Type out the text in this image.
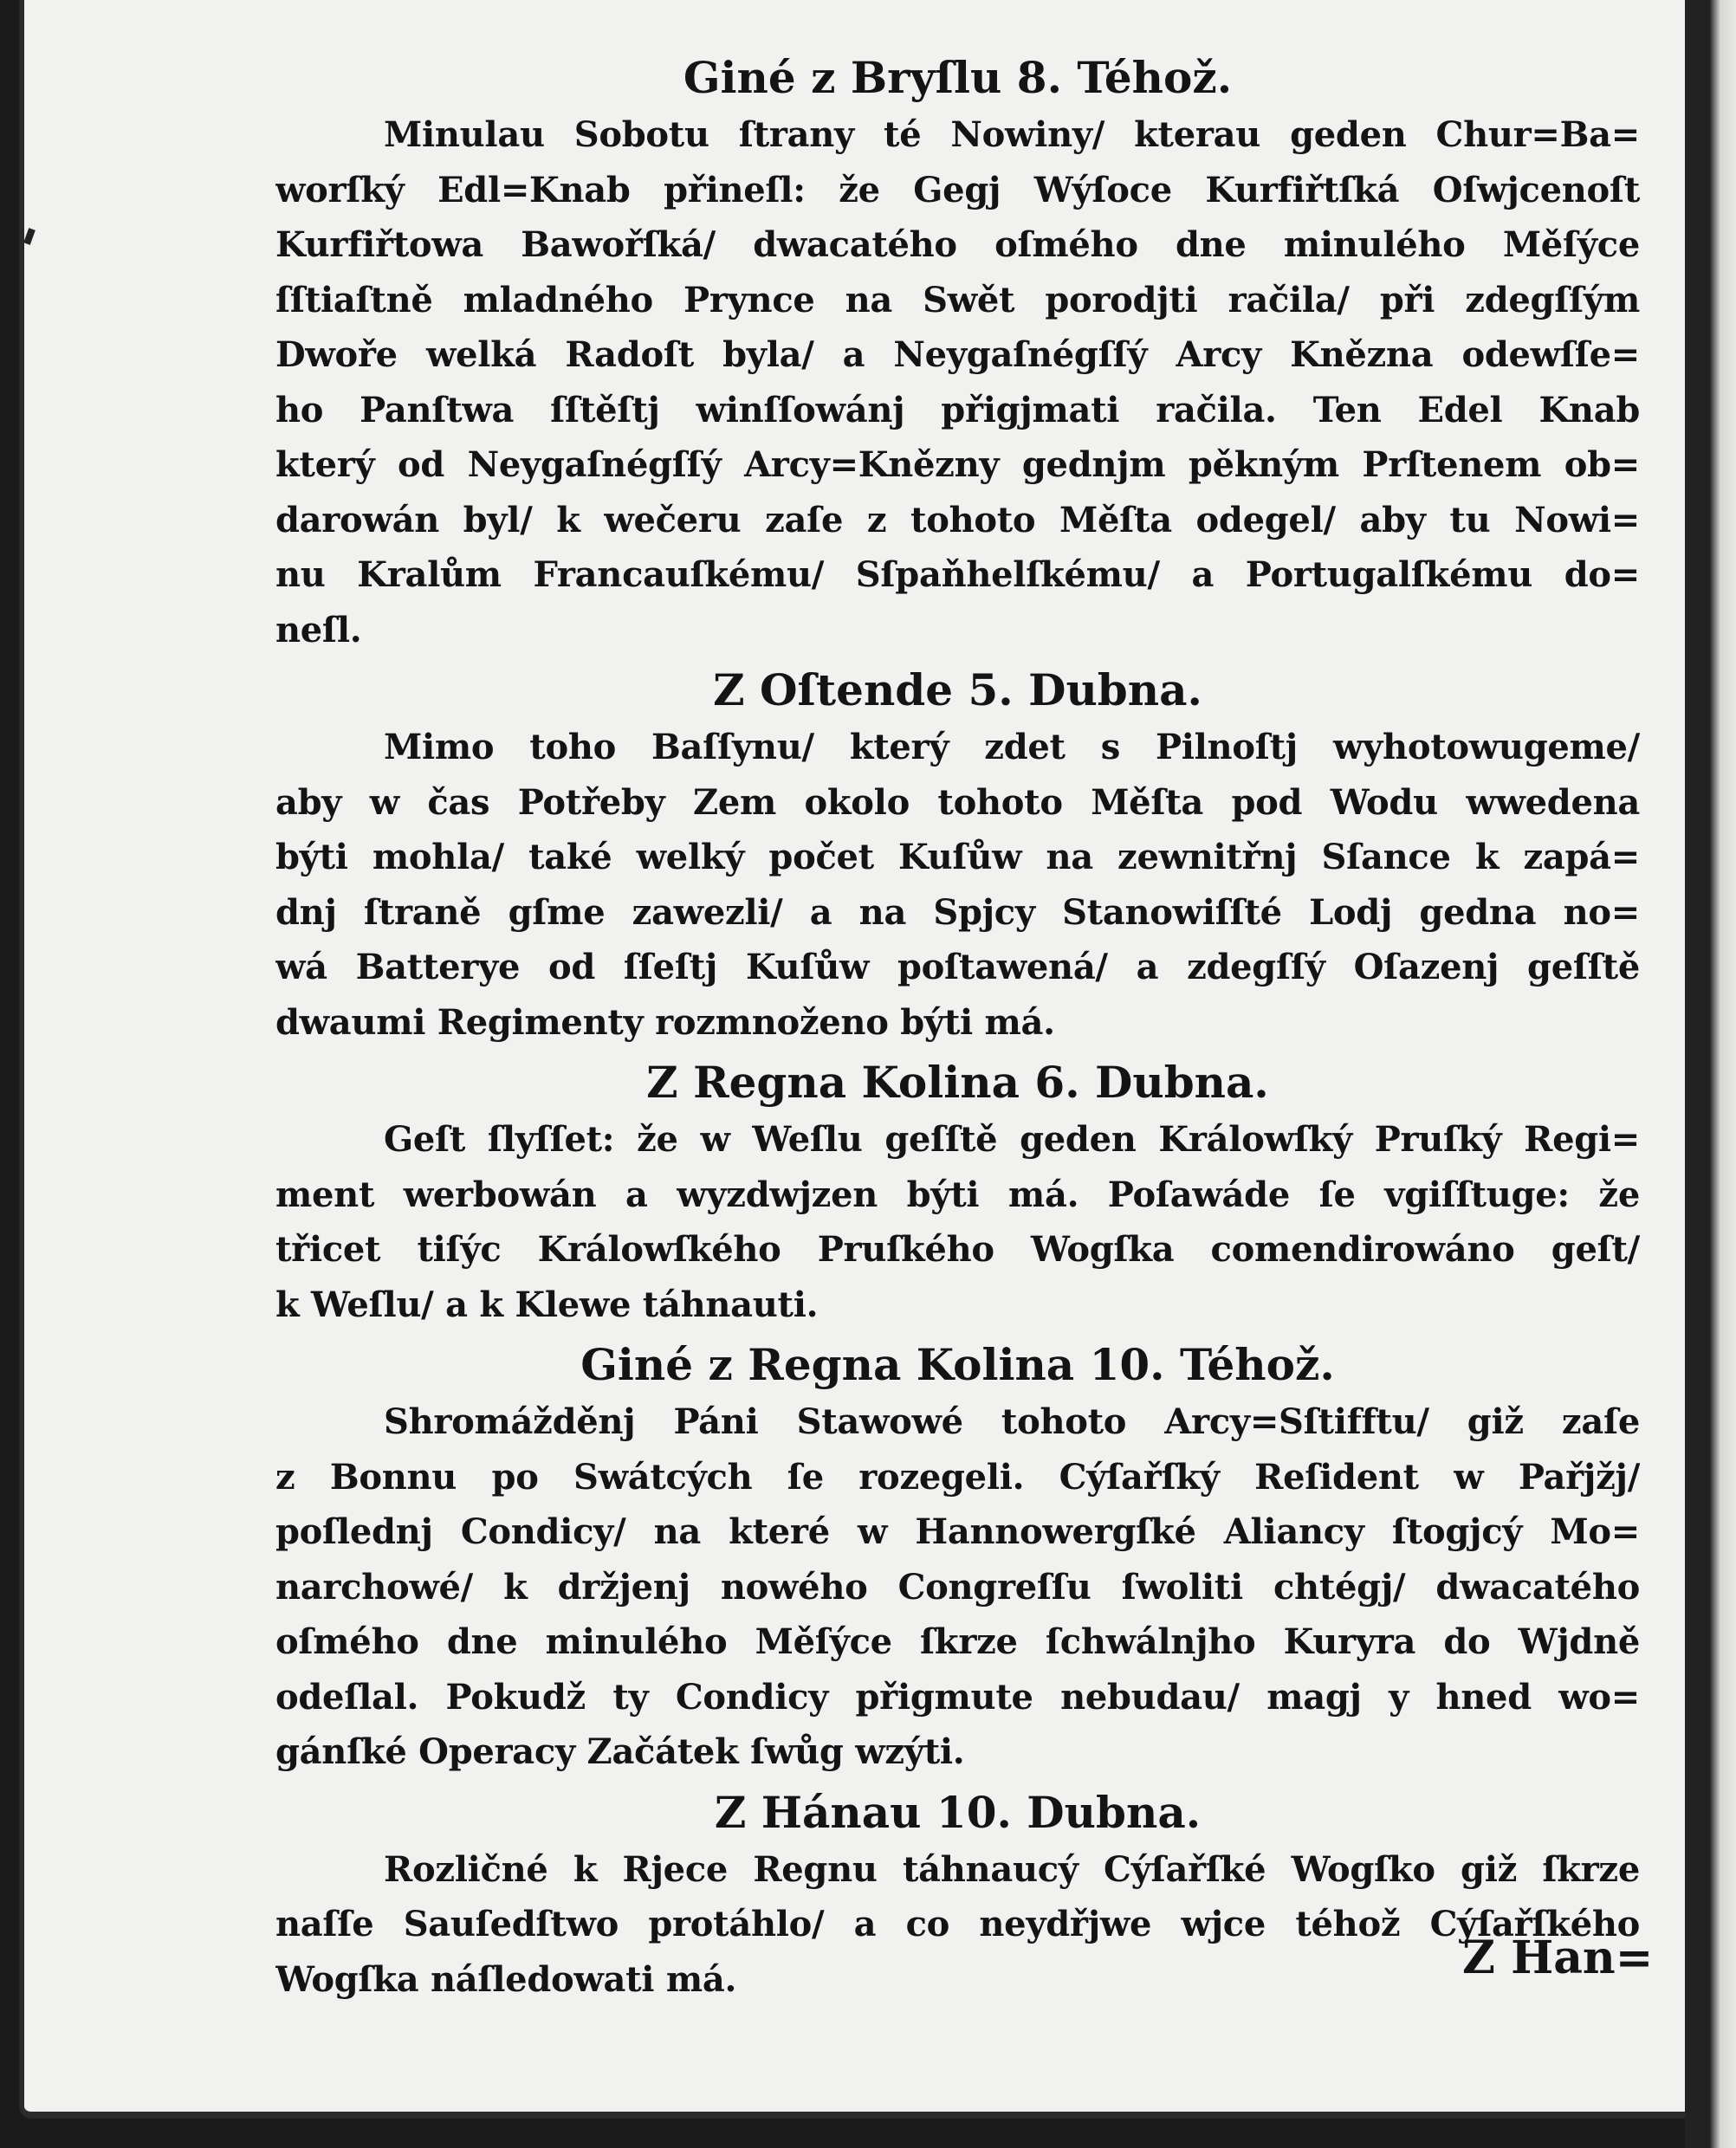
Giné z Bryſlu 8. Téhož.
Minulau Sobotu ſtrany té Nowiny/ kterau geden Chur=Ba=
worſký Edl=Knab přineſl: že Gegj Wýſoce Kurfiřtſká Oſwjcenoſt
Kurfiřtowa Bawořſká/ dwacatého oſmého dne minulého Měſýce
ſſtiaſtně mladného Prynce na Swět porodjti račila/ při zdegſſým
Dwoře welká Radoſt byla/ a Neygaſnégſſý Arcy Knězna odewſſe=
ho Panſtwa ſſtěſtj winſſowánj přigjmati račila. Ten Edel Knab
který od Neygaſnégſſý Arcy=Knězny gednjm pěkným Prſtenem ob=
darowán byl/ k wečeru zaſe z tohoto Měſta odegel/ aby tu Nowi=
nu Kralům Francauſkému/ Sſpaňhelſkému/ a Portugalſkému do=
neſl.
Z Oſtende 5. Dubna.
Mimo toho Baſſynu/ který zdet s Pilnoſtj wyhotowugeme/
aby w čas Potřeby Zem okolo tohoto Měſta pod Wodu wwedena
býti mohla/ také welký počet Kuſůw na zewnitřnj Sſance k zapá=
dnj ſtraně gſme zawezli/ a na Spjcy Stanowiſſté Lodj gedna no=
wá Batterye od ſſeſtj Kuſůw poſtawená/ a zdegſſý Oſazenj geſſtě
dwaumi Regimenty rozmnoženo býti má.
Z Regna Kolina 6. Dubna.
Geſt ſlyſſet: že w Weſlu geſſtě geden Králowſký Pruſký Regi=
ment werbowán a wyzdwjzen býti má. Poſawáde ſe vgiſſtuge: že
třicet tiſýc Králowſkého Pruſkého Wogſka comendirowáno geſt/
k Weſlu/ a k Klewe táhnauti.
Giné z Regna Kolina 10. Téhož.
Shromážděnj Páni Stawowé tohoto Arcy=Sſtifftu/ giž zaſe
z Bonnu po Swátcých ſe rozegeli. Cýſařſký Reſident w Pařjžj/
poſlednj Condicy/ na které w Hannowergſké Aliancy ſtogjcý Mo=
narchowé/ k držjenj nowého Congreſſu ſwoliti chtégj/ dwacatého
oſmého dne minulého Měſýce ſkrze ſchwálnjho Kuryra do Wjdně
odeſlal. Pokudž ty Condicy přigmute nebudau/ magj y hned wo=
gánſké Operacy Začátek ſwůg wzýti.
Z Hánau 10. Dubna.
Rozličné k Rjece Regnu táhnaucý Cýſařſké Wogſko giž ſkrze
naſſe Sauſedſtwo protáhlo/ a co neydřjwe wjce téhož Cýſařſkého
Wogſka náſledowati má.	Z Han=
